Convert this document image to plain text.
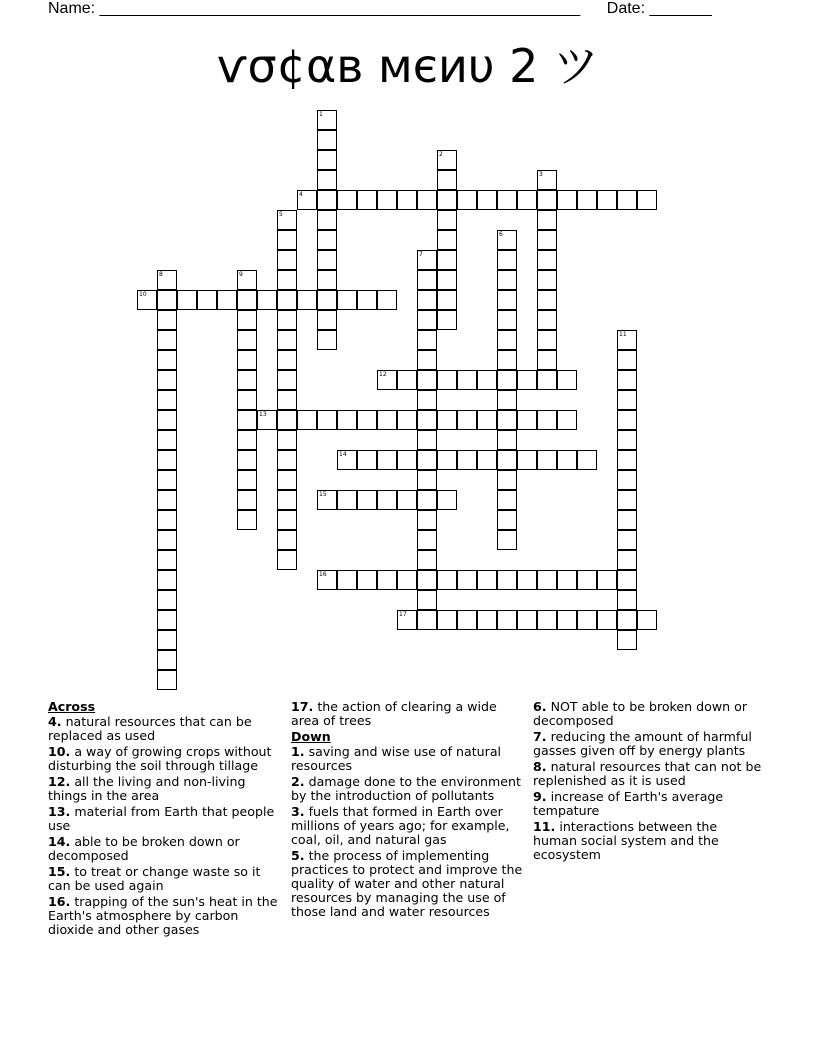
Name: ______________________________________________________ Date: _______
ѵσ¢αв мєиυ 2 ツ
1
2
3
4
5
6
7
8	9
10
11
12
13
14
15
16
17
Across
4. natural resources that can be replaced as used
10. a way of growing crops without disturbing the soil through tillage
12. all the living and non-living things in the area
13. material from Earth that people use
14. able to be broken down or decomposed
15. to treat or change waste so it can be used again
16. trapping of the sun's heat in the Earth's atmosphere by carbon dioxide and other gases
17. the action of clearing a wide area of trees
Down
1. saving and wise use of natural resources
2. damage done to the environment by the introduction of pollutants
3. fuels that formed in Earth over millions of years ago; for example, coal, oil, and natural gas
5. the process of implementing practices to protect and improve the quality of water and other natural resources by managing the use of those land and water resources
6. NOT able to be broken down or decomposed
7. reducing the amount of harmful gasses given off by energy plants
8. natural resources that can not be replenished as it is used
9. increase of Earth's average tempature
11. interactions between the human social system and the ecosystem
